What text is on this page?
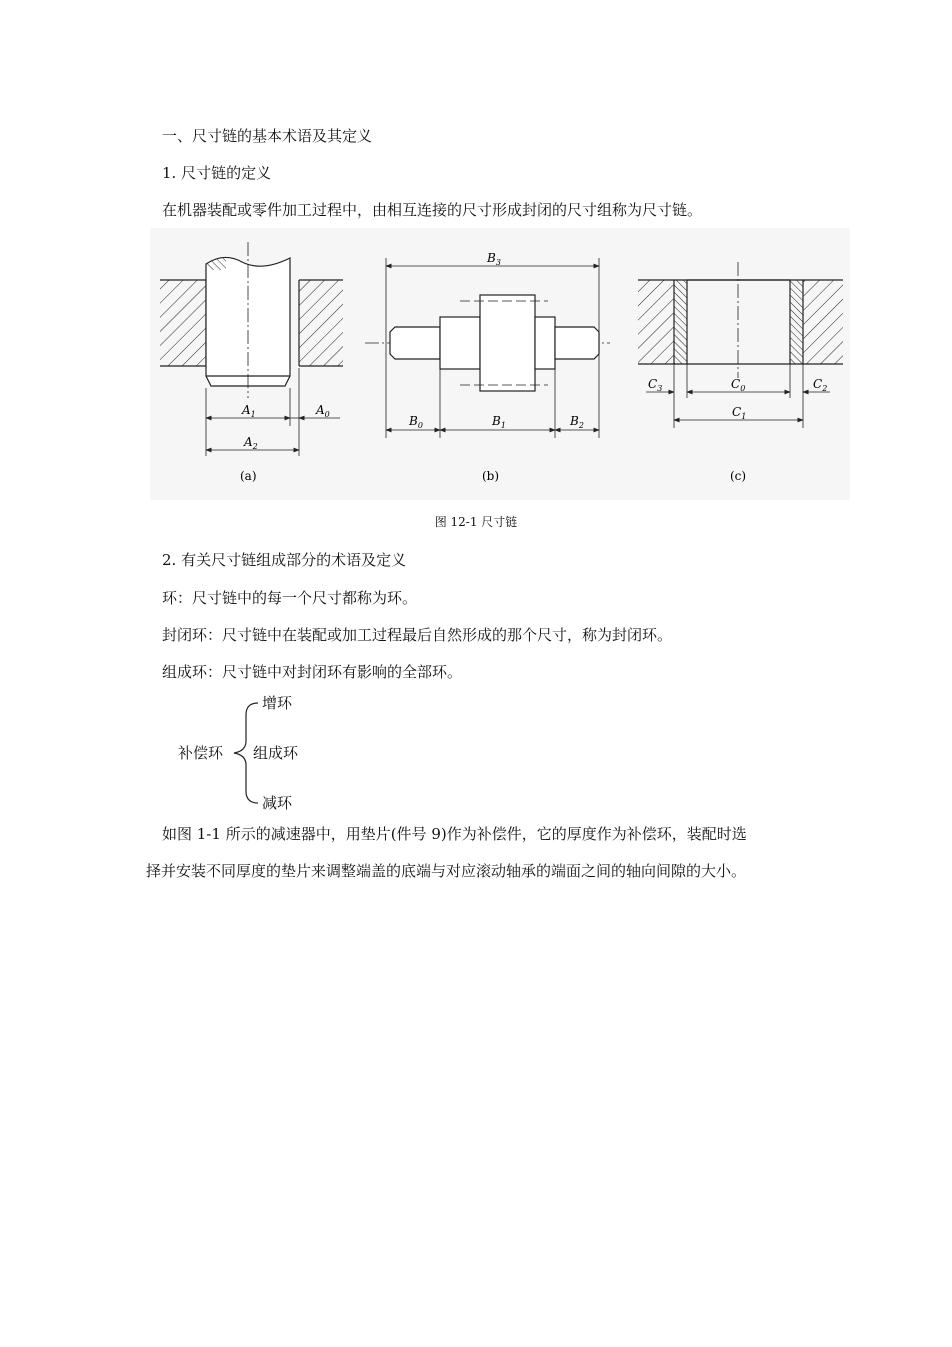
一、尺寸链的基本术语及其定义
1. 尺寸链的定义
在机器装配或零件加工过程中，由相互连接的尺寸形成封闭的尺寸组称为尺寸链。
$A_1$	$A_0$
$A_2$
(a)
$B_3$
$B_0$	$B_1$	$B_2$
(b)
$C_3$	$C_0$	$C_2$
$C_1$
(c)
图 12-1 尺寸链
2. 有关尺寸链组成部分的术语及定义
环：尺寸链中的每一个尺寸都称为环。
封闭环：尺寸链中在装配或加工过程最后自然形成的那个尺寸，称为封闭环。
组成环：尺寸链中对封闭环有影响的全部环。
补偿环
增环
组成环
减环
如图 1-1 所示的减速器中，用垫片(件号 9)作为补偿件，它的厚度作为补偿环，装配时选
择并安装不同厚度的垫片来调整端盖的底端与对应滚动轴承的端面之间的轴向间隙的大小。
